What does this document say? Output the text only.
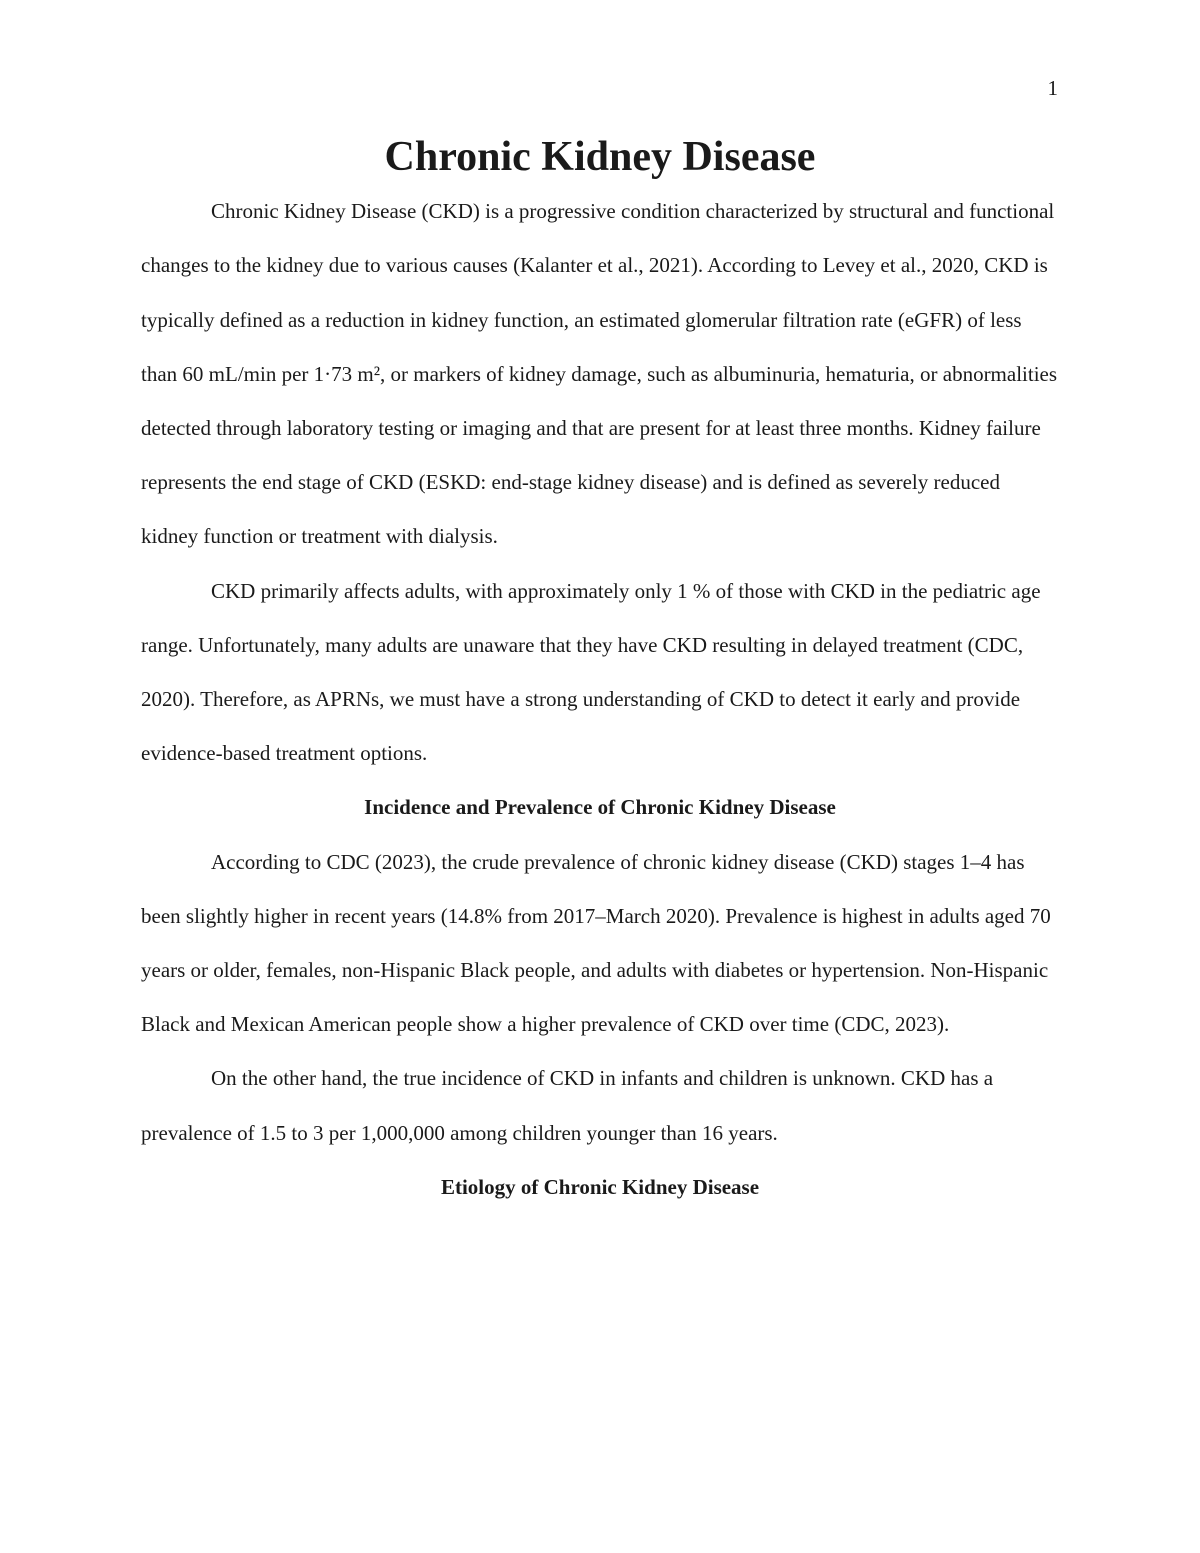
1
Chronic Kidney Disease

Chronic Kidney Disease (CKD) is a progressive condition characterized by structural and functional changes to the kidney due to various causes (Kalanter et al., 2021). According to Levey et al., 2020, CKD is typically defined as a reduction in kidney function, an estimated glomerular filtration rate (eGFR) of less than 60 mL/min per 1·73 m², or markers of kidney damage, such as albuminuria, hematuria, or abnormalities detected through laboratory testing or imaging and that are present for at least three months. Kidney failure represents the end stage of CKD (ESKD: end-stage kidney disease) and is defined as severely reduced kidney function or treatment with dialysis.

CKD primarily affects adults, with approximately only 1 % of those with CKD in the pediatric age range. Unfortunately, many adults are unaware that they have CKD resulting in delayed treatment (CDC, 2020). Therefore, as APRNs, we must have a strong understanding of CKD to detect it early and provide evidence-based treatment options.

Incidence and Prevalence of Chronic Kidney Disease

According to CDC (2023), the crude prevalence of chronic kidney disease (CKD) stages 1–4 has been slightly higher in recent years (14.8% from 2017–March 2020). Prevalence is highest in adults aged 70 years or older, females, non-Hispanic Black people, and adults with diabetes or hypertension. Non-Hispanic Black and Mexican American people show a higher prevalence of CKD over time (CDC, 2023).

On the other hand, the true incidence of CKD in infants and children is unknown. CKD has a prevalence of 1.5 to 3 per 1,000,000 among children younger than 16 years.

Etiology of Chronic Kidney Disease
